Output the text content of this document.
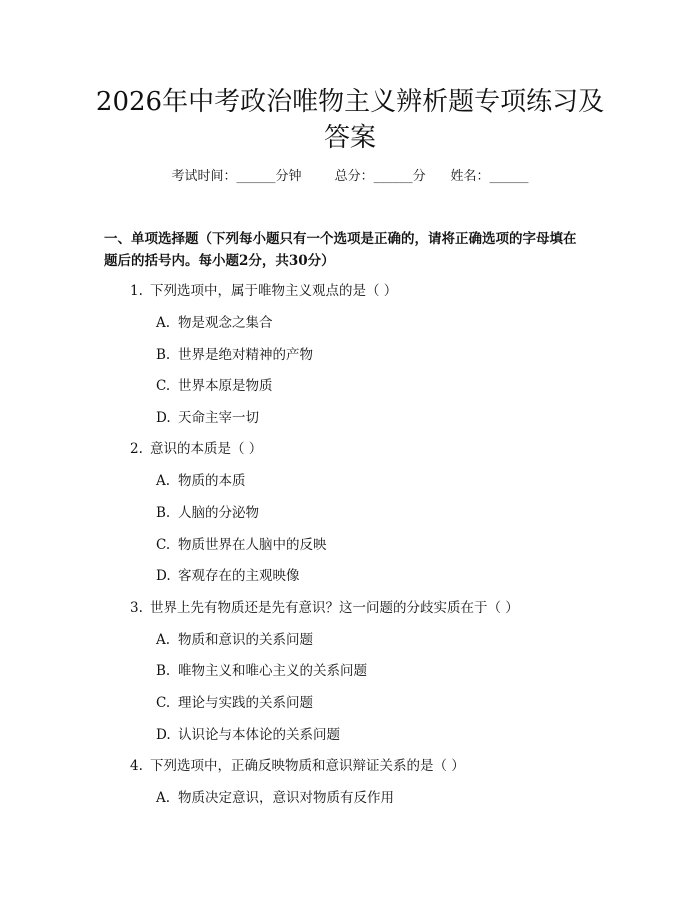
2026年中考政治唯物主义辨析题专项练习及
答案
考试时间：______分钟	总分：______分 姓名：______
一、单项选择题（下列每小题只有一个选项是正确的，请将正确选项的字母填在
题后的括号内。每小题2分，共30分）
1. 下列选项中，属于唯物主义观点的是（ ）
A. 物是观念之集合
B. 世界是绝对精神的产物
C. 世界本原是物质
D. 天命主宰一切
2. 意识的本质是（ ）
A. 物质的本质
B. 人脑的分泌物
C. 物质世界在人脑中的反映
D. 客观存在的主观映像
3. 世界上先有物质还是先有意识？这一问题的分歧实质在于（ ）
A. 物质和意识的关系问题
B. 唯物主义和唯心主义的关系问题
C. 理论与实践的关系问题
D. 认识论与本体论的关系问题
4. 下列选项中，正确反映物质和意识辩证关系的是（ ）
A. 物质决定意识，意识对物质有反作用
